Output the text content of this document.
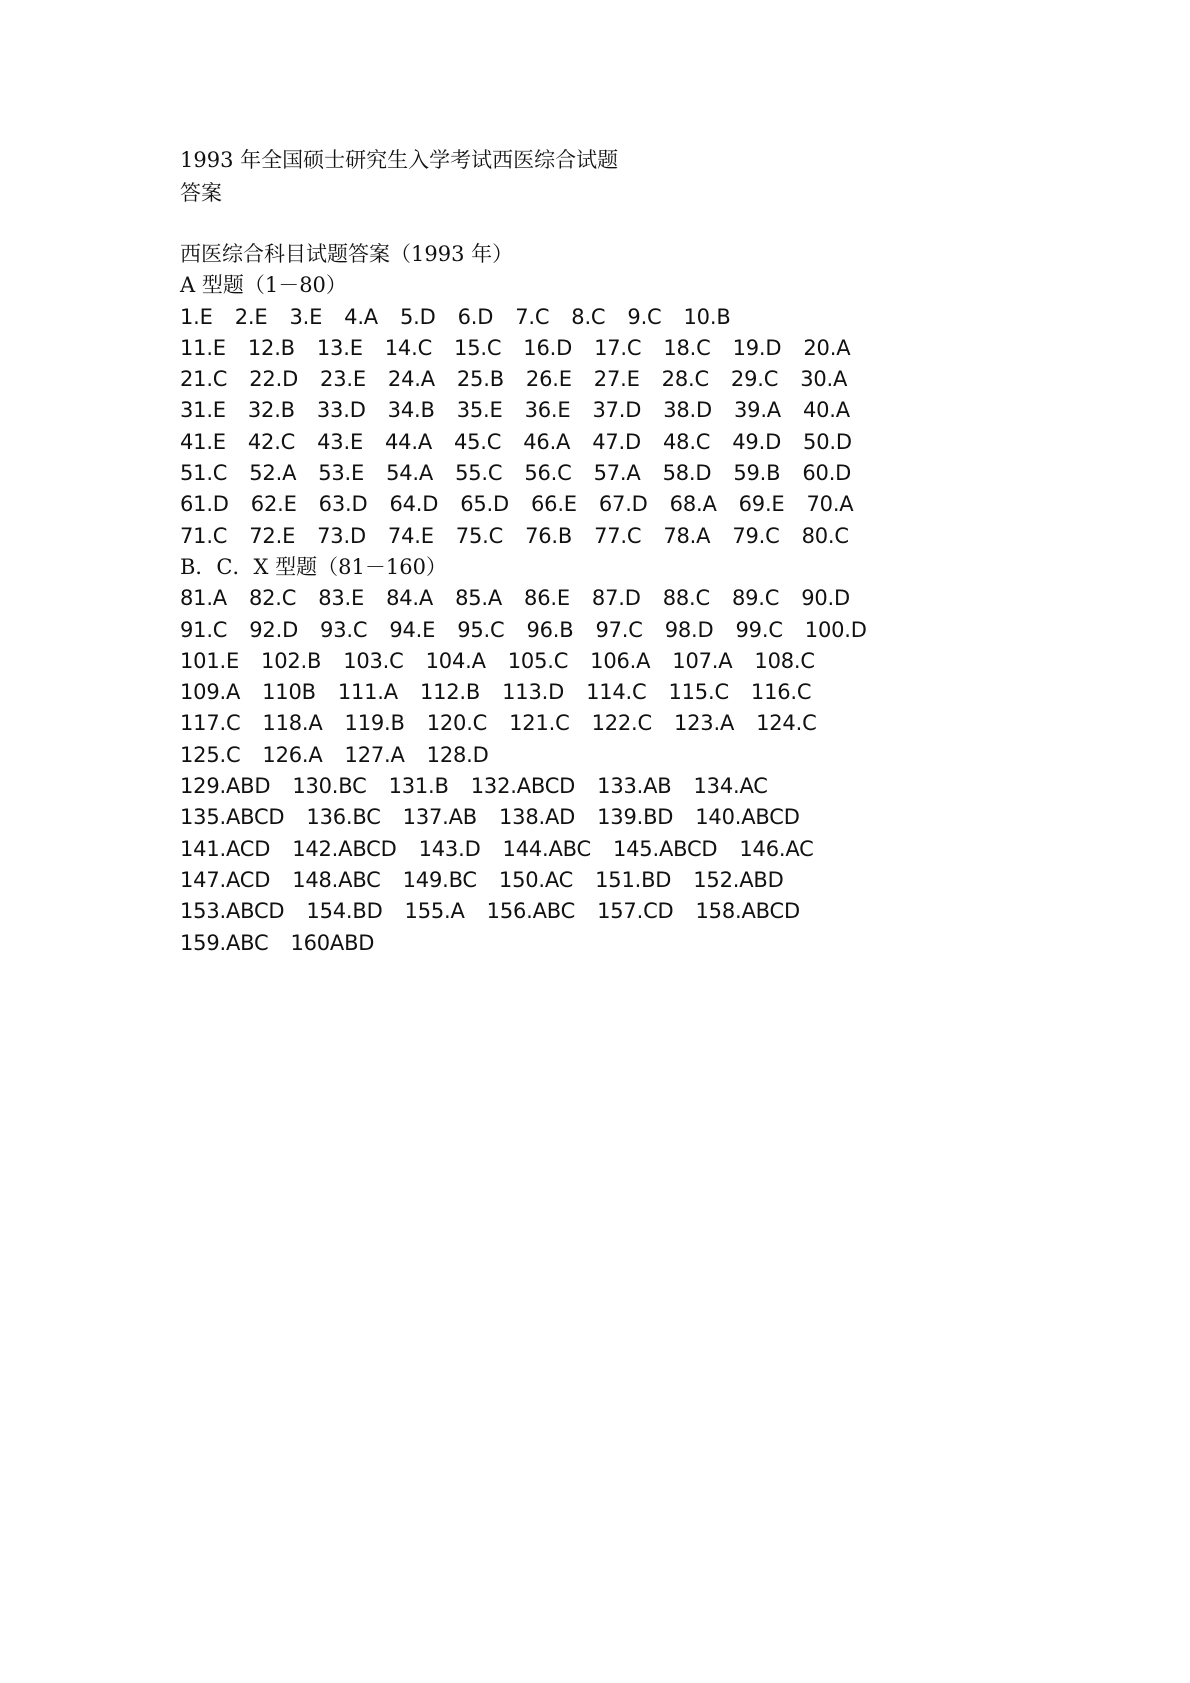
1993 年全国硕士研究生入学考试西医综合试题
答案
西医综合科目试题答案（1993 年）
A 型题（1－80）
1.E 2.E 3.E 4.A 5.D 6.D 7.C 8.C 9.C 10.B
11.E 12.B 13.E 14.C 15.C 16.D 17.C 18.C 19.D 20.A
21.C 22.D 23.E 24.A 25.B 26.E 27.E 28.C 29.C 30.A
31.E 32.B 33.D 34.B 35.E 36.E 37.D 38.D 39.A 40.A
41.E 42.C 43.E 44.A 45.C 46.A 47.D 48.C 49.D 50.D
51.C 52.A 53.E 54.A 55.C 56.C 57.A 58.D 59.B 60.D
61.D 62.E 63.D 64.D 65.D 66.E 67.D 68.A 69.E 70.A
71.C 72.E 73.D 74.E 75.C 76.B 77.C 78.A 79.C 80.C
B．C．X 型题（81－160）
81.A 82.C 83.E 84.A 85.A 86.E 87.D 88.C 89.C 90.D
91.C 92.D 93.C 94.E 95.C 96.B 97.C 98.D 99.C 100.D
101.E 102.B 103.C 104.A 105.C 106.A 107.A 108.C
109.A 110B 111.A 112.B 113.D 114.C 115.C 116.C
117.C 118.A 119.B 120.C 121.C 122.C 123.A 124.C
125.C 126.A 127.A 128.D
129.ABD 130.BC 131.B 132.ABCD 133.AB 134.AC
135.ABCD 136.BC 137.AB 138.AD 139.BD 140.ABCD
141.ACD 142.ABCD 143.D 144.ABC 145.ABCD 146.AC
147.ACD 148.ABC 149.BC 150.AC 151.BD 152.ABD
153.ABCD 154.BD 155.A 156.ABC 157.CD 158.ABCD
159.ABC 160ABD
